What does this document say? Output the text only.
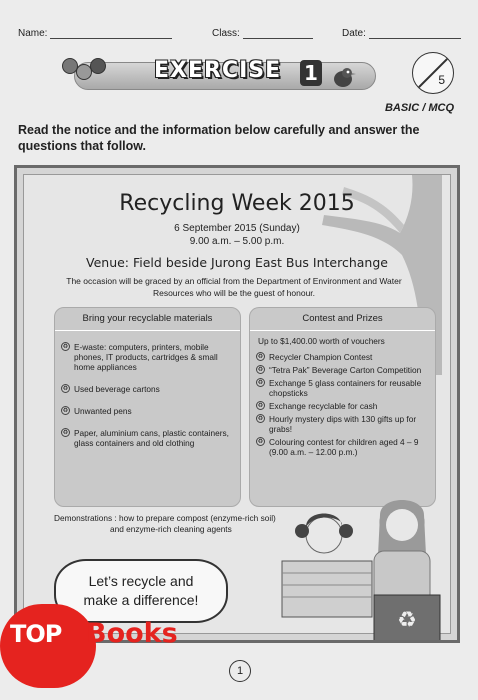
Name:	Class:	Date:
EXERCISE 1	5
BASIC / MCQ
Read the notice and the information below carefully and answer the questions that follow.
Recycling Week 2015
6 September 2015 (Sunday)
9.00 a.m. – 5.00 p.m.
Venue: Field beside Jurong East Bus Interchange
The occasion will be graced by an official from the Department of Environment and Water Resources who will be the guest of honour.
Bring your recyclable materials
♻ E-waste: computers, printers, mobile phones, IT products, cartridges & small home appliances
♻ Used beverage cartons
♻ Unwanted pens
♻ Paper, aluminium cans, plastic containers, glass containers and old clothing
Contest and Prizes
Up to $1,400.00 worth of vouchers
♻ Recycler Champion Contest
♻ “Tetra Pak” Beverage Carton Competition
♻ Exchange 5 glass containers for reusable chopsticks
♻ Exchange recyclable for cash
♻ Hourly mystery dips with 130 gifts up for grabs!
♻ Colouring contest for children aged 4 – 9 (9.00 a.m. – 12.00 p.m.)
Demonstrations : how to prepare compost (enzyme-rich soil)
and enzyme-rich cleaning agents
♻
Let’s recycle and
make a difference!
TOP Books
1
